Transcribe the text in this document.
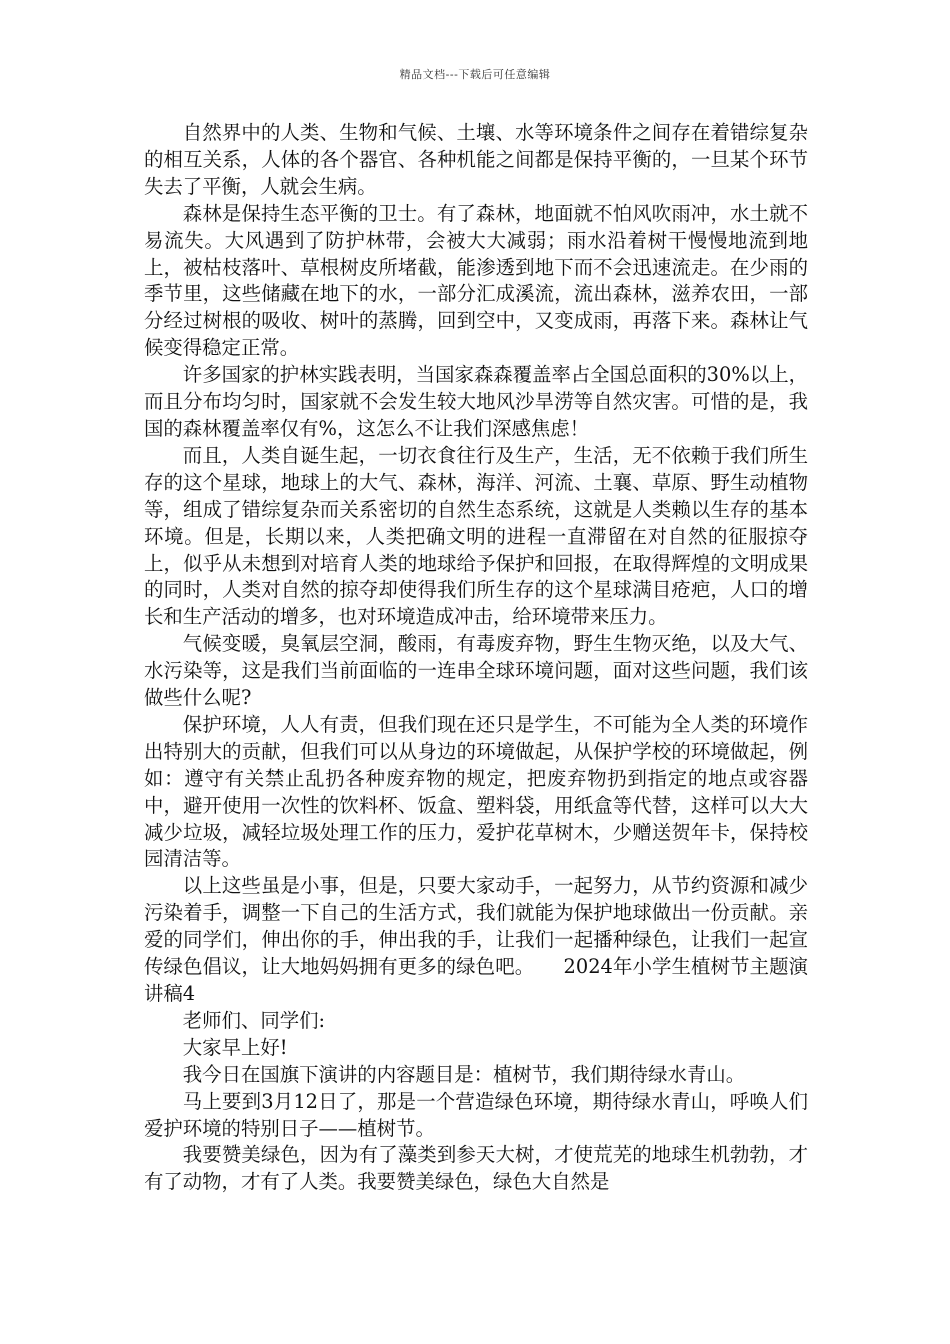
精品文档---下载后可任意编辑

自然界中的人类、生物和气候、土壤、水等环境条件之间存在着错综复杂的相互关系，人体的各个器官、各种机能之间都是保持平衡的，一旦某个环节失去了平衡，人就会生病。

森林是保持生态平衡的卫士。有了森林，地面就不怕风吹雨冲，水土就不易流失。大风遇到了防护林带，会被大大减弱；雨水沿着树干慢慢地流到地上，被枯枝落叶、草根树皮所堵截，能渗透到地下而不会迅速流走。在少雨的季节里，这些储藏在地下的水，一部分汇成溪流，流出森林，滋养农田，一部分经过树根的吸收、树叶的蒸腾，回到空中，又变成雨，再落下来。森林让气候变得稳定正常。

许多国家的护林实践表明，当国家森森覆盖率占全国总面积的30%以上，而且分布均匀时，国家就不会发生较大地风沙旱涝等自然灾害。可惜的是，我国的森林覆盖率仅有%，这怎么不让我们深感焦虑！

而且，人类自诞生起，一切衣食往行及生产，生活，无不依赖于我们所生存的这个星球，地球上的大气、森林，海洋、河流、土襄、草原、野生动植物等，组成了错综复杂而关系密切的自然生态系统，这就是人类赖以生存的基本环境。但是，长期以来，人类把确文明的进程一直滞留在对自然的征服掠夺上，似乎从未想到对培育人类的地球给予保护和回报，在取得辉煌的文明成果的同时，人类对自然的掠夺却使得我们所生存的这个星球满目疮疤，人口的增长和生产活动的增多，也对环境造成冲击，给环境带来压力。

气候变暖，臭氧层空洞，酸雨，有毒废弃物，野生生物灭绝，以及大气、水污染等，这是我们当前面临的一连串全球环境问题，面对这些问题，我们该做些什么呢?

保护环境，人人有责，但我们现在还只是学生，不可能为全人类的环境作出特别大的贡献，但我们可以从身边的环境做起，从保护学校的环境做起，例如：遵守有关禁止乱扔各种废弃物的规定，把废弃物扔到指定的地点或容器中，避开使用一次性的饮料杯、饭盒、塑料袋，用纸盒等代替，这样可以大大减少垃圾，减轻垃圾处理工作的压力，爱护花草树木，少赠送贺年卡，保持校园清洁等。

以上这些虽是小事，但是，只要大家动手，一起努力，从节约资源和减少污染着手，调整一下自己的生活方式，我们就能为保护地球做出一份贡献。亲爱的同学们，伸出你的手，伸出我的手，让我们一起播种绿色，让我们一起宣传绿色倡议，让大地妈妈拥有更多的绿色吧。　　2024年小学生植树节主题演讲稿4

老师们、同学们:

大家早上好!

我今日在国旗下演讲的内容题目是：植树节，我们期待绿水青山。

马上要到3月12日了，那是一个营造绿色环境，期待绿水青山，呼唤人们爱护环境的特别日子——植树节。

我要赞美绿色，因为有了藻类到参天大树，才使荒芜的地球生机勃勃，才有了动物，才有了人类。我要赞美绿色，绿色大自然是
